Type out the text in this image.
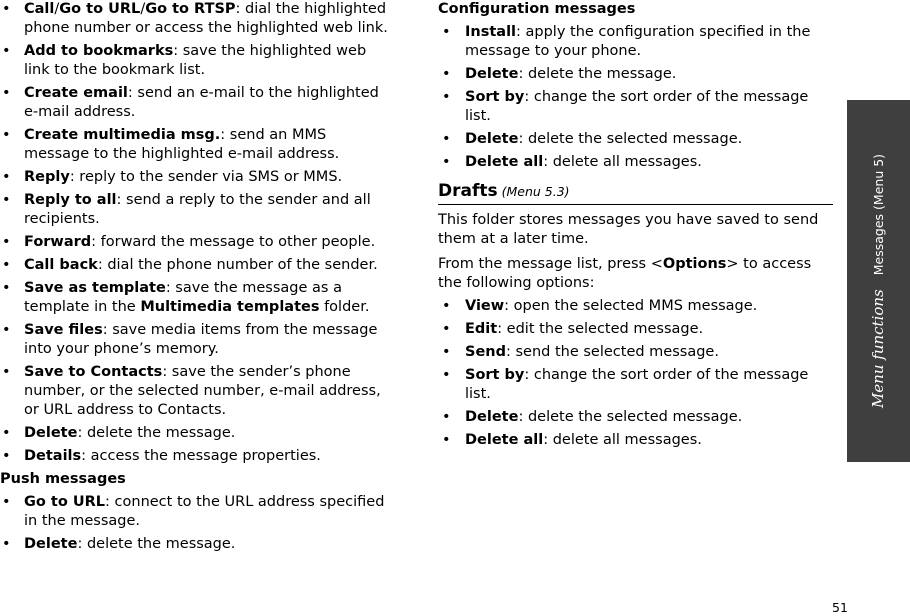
• Call/Go to URL/Go to RTSP: dial the highlighted phone number or access the highlighted web link.
• Add to bookmarks: save the highlighted web link to the bookmark list.
• Create email: send an e-mail to the highlighted e-mail address.
• Create multimedia msg.: send an MMS message to the highlighted e-mail address.
• Reply: reply to the sender via SMS or MMS.
• Reply to all: send a reply to the sender and all recipients.
• Forward: forward the message to other people.
• Call back: dial the phone number of the sender.
• Save as template: save the message as a template in the Multimedia templates folder.
• Save files: save media items from the message into your phone’s memory.
• Save to Contacts: save the sender’s phone number, or the selected number, e-mail address, or URL address to Contacts.
• Delete: delete the message.
• Details: access the message properties.
Push messages
• Go to URL: connect to the URL address specified in the message.
• Delete: delete the message.
Configuration messages
• Install: apply the configuration specified in the message to your phone.
• Delete: delete the message.
• Sort by: change the sort order of the message list.
• Delete: delete the selected message.
• Delete all: delete all messages.
Drafts (Menu 5.3)

This folder stores messages you have saved to send them at a later time.

From the message list, press <Options> to access the following options:

• View: open the selected MMS message.
• Edit: edit the selected message.
• Send: send the selected message.
• Sort by: change the sort order of the message list.
• Delete: delete the selected message.
• Delete all: delete all messages.
Menu functionsMessages (Menu 5)
51
